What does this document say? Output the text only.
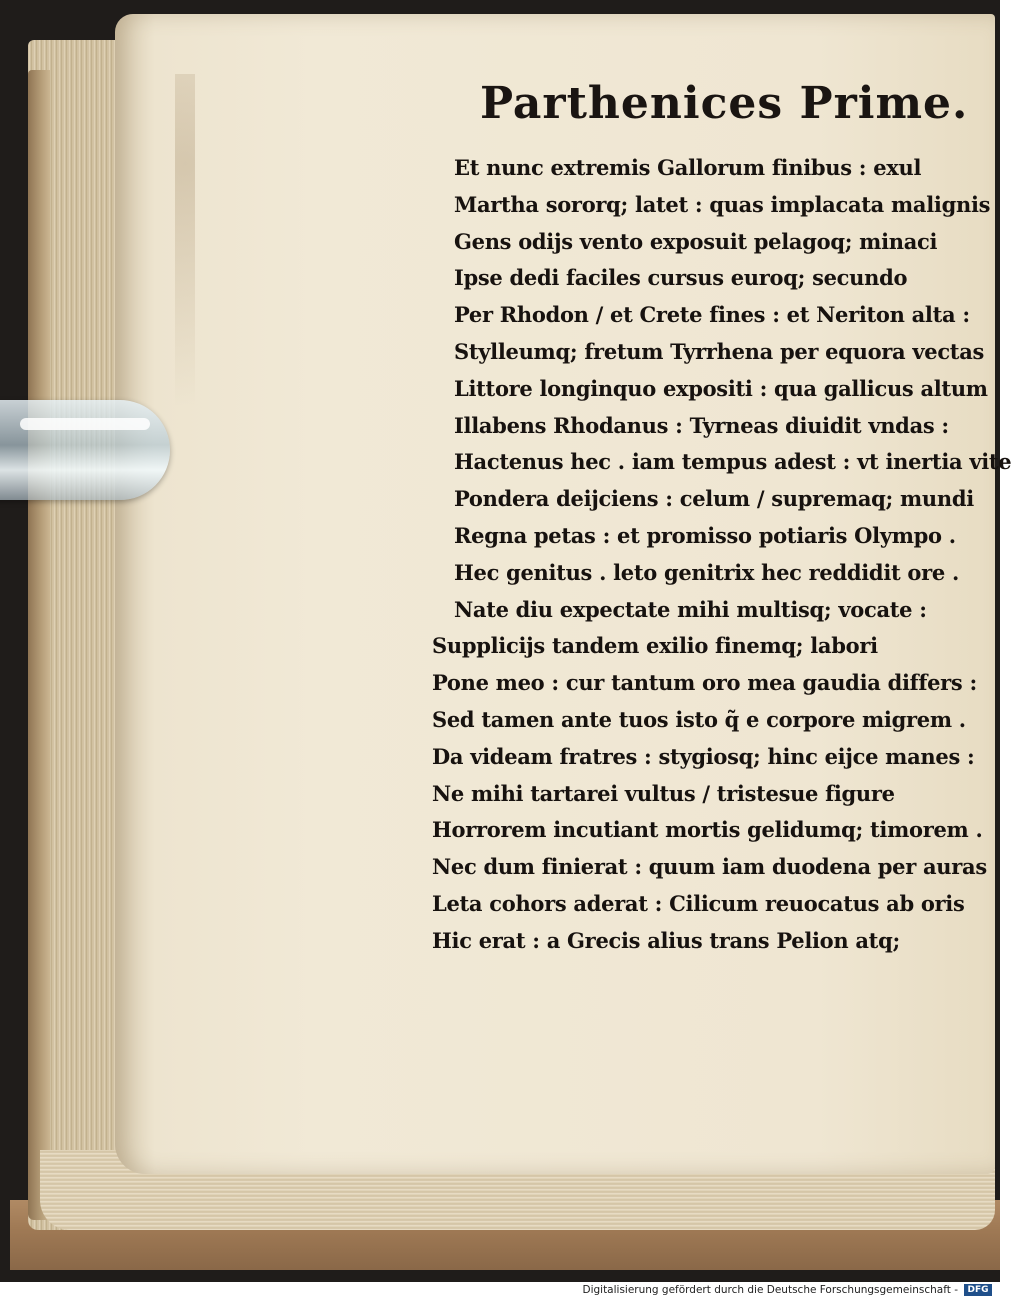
Parthenices Prime.
Et nunc extremis Gallorum finibus : exul
Martha sororq; latet : quas implacata malignis
Gens odijs vento exposuit pelagoq; minaci
Ipse dedi faciles cursus euroq; secundo
Per Rhodon / et Crete fines : et Neriton alta :
Stylleumq; fretum Tyrrhena per equora vectas
Littore longinquo expositi : qua gallicus altum
Illabens Rhodanus : Tyrneas diuidit vndas :
Hactenus hec . iam tempus adest : vt inertia vite
Pondera deijciens : celum / supremaq; mundi
Regna petas : et promisso potiaris Olympo .
Hec genitus . leto genitrix hec reddidit ore .
Nate diu expectate mihi multisq; vocate :
Supplicijs tandem exilio finemq; labori
Pone meo : cur tantum oro mea gaudia differs :
Sed tamen ante tuos isto q̃ e corpore migrem .
Da videam fratres : stygiosq; hinc eijce manes :
Ne mihi tartarei vultus / tristesue figure
Horrorem incutiant mortis gelidumq; timorem .
Nec dum finierat : quum iam duodena per auras
Leta cohors aderat : Cilicum reuocatus ab oris
Hic erat : a Grecis alius trans Pelion atq;
Digitalisierung gefördert durch die Deutsche Forschungsgemeinschaft -	DFG
